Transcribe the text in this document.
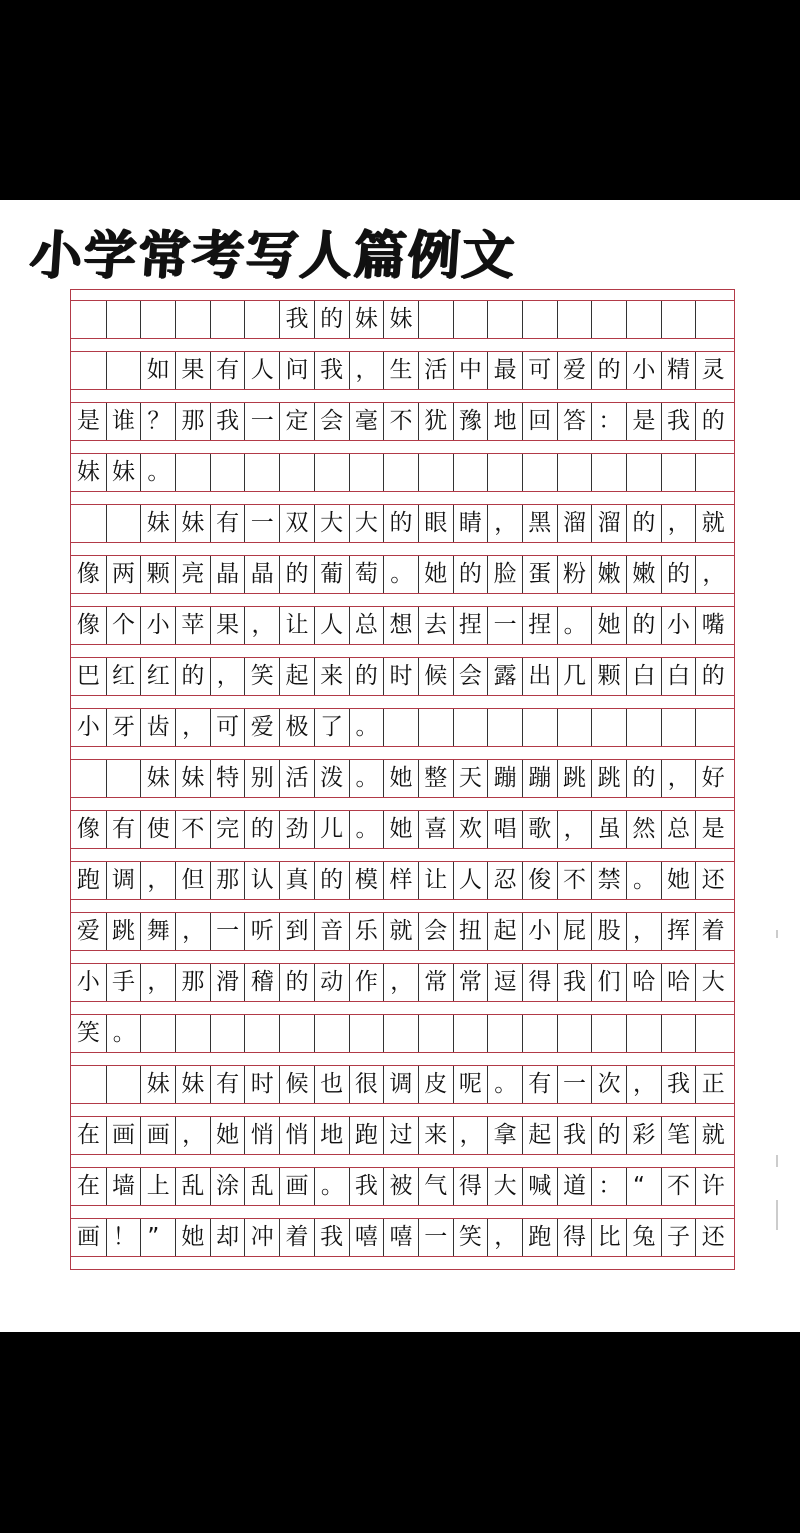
小学常考写人篇例文
我 的 妹 妹
如 果 有 人 问 我 ， 生 活 中 最 可 爱 的 小 精 灵
是 谁 ？ 那 我 一 定 会 毫 不 犹 豫 地 回 答 ： 是 我 的
妹 妹 。
妹 妹 有 一 双 大 大 的 眼 睛 ， 黑 溜 溜 的 ， 就
像 两 颗 亮 晶 晶 的 葡 萄 。 她 的 脸 蛋 粉 嫩 嫩 的 ，
像 个 小 苹 果 ， 让 人 总 想 去 捏 一 捏 。 她 的 小 嘴
巴 红 红 的 ， 笑 起 来 的 时 候 会 露 出 几 颗 白 白 的
小 牙 齿 ， 可 爱 极 了 。
妹 妹 特 别 活 泼 。 她 整 天 蹦 蹦 跳 跳 的 ， 好
像 有 使 不 完 的 劲 儿 。 她 喜 欢 唱 歌 ， 虽 然 总 是
跑 调 ， 但 那 认 真 的 模 样 让 人 忍 俊 不 禁 。 她 还
爱 跳 舞 ， 一 听 到 音 乐 就 会 扭 起 小 屁 股 ， 挥 着
小 手 ， 那 滑 稽 的 动 作 ， 常 常 逗 得 我 们 哈 哈 大
笑 。
妹 妹 有 时 候 也 很 调 皮 呢 。 有 一 次 ， 我 正
在 画 画 ， 她 悄 悄 地 跑 过 来 ， 拿 起 我 的 彩 笔 就
在 墙 上 乱 涂 乱 画 。 我 被 气 得 大 喊 道 ： “ 不 许
画 ！ ” 她 却 冲 着 我 嘻 嘻 一 笑 ， 跑 得 比 兔 子 还
